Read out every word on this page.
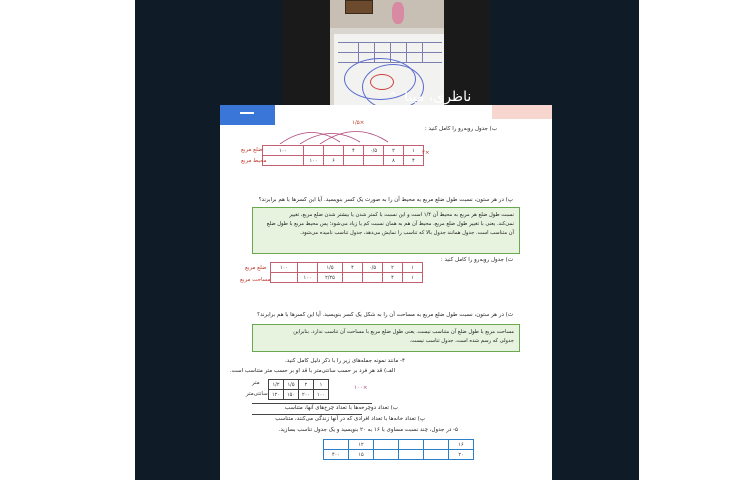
ناظری، مینا
^
ب) جدول روبه‌رو را کامل کنید :
×۱/۵
۱۰۰			۴	۰/۵	۲	۱
	۱۰۰	۶			۸	۴
ضلع مربع
محیط مربع
×۴
پ) در هر ستون، نسبت طول ضلع مربع به محیط آن را به صورت یک کسر بنویسید. آیا این کسرها با هم برابرند؟
نسبت طول ضلع هر مربع به محیط آن ۱/۴ است و این نسبت با کمتر شدن یا بیشتر شدن ضلع مربع، تغییر
نمی‌کند. یعنی با تغییر طول ضلع مربع، محیط آن هم به همان نسبت کم یا زیاد می‌شود؛ پس محیط مربع با طول ضلع
آن متناسب است. جدول همانند جدول بالا که تناسب را نمایش می‌دهد، جدول تناسب نامیده می‌شود.
ت) جدول روبه‌رو را کامل کنید :
۱۰۰		۱/۵	۴	۰/۵	۲	۱
	۱۰۰	۲/۲۵			۴	۱
ضلع مربع
مساحت مربع
ث) در هر ستون، نسبت طول ضلع مربع به مساحت آن را به شکل یک کسر بنویسید. آیا این کسرها با هم برابرند؟
مساحت مربع با طول ضلع آن متناسب نیست. یعنی طول ضلع مربع با مساحت آن تناسب ندارد. بنابراین
جدولی که رسم شده است، جدول تناسب نیست.
۴- مانند نمونه جمله‌های زیر را با ذکر دلیل کامل کنید.
الف) قد هر فرد بر حسب سانتی‌متر با قد او بر حسب متر متناسب است.
۱/۲	۱/۵	۲	۱
۱۲۰	۱۵۰	۲۰۰	۱۰۰
متر
سانتی‌متر
×۱۰۰
ب) تعداد دوچرخه‌ها با تعداد چرخ‌های آنها، متناسب
پ) تعداد خانه‌ها با تعداد افرادی که در آنها زندگی می‌کنند، متناسب
۵- در جدول، چند نسبت مساوی با ۱۶ به ۲۰ بنویسید و یک جدول تناسب بسازید.
	۱۲				۱۶
۴۰۰	۱۵				۲۰
